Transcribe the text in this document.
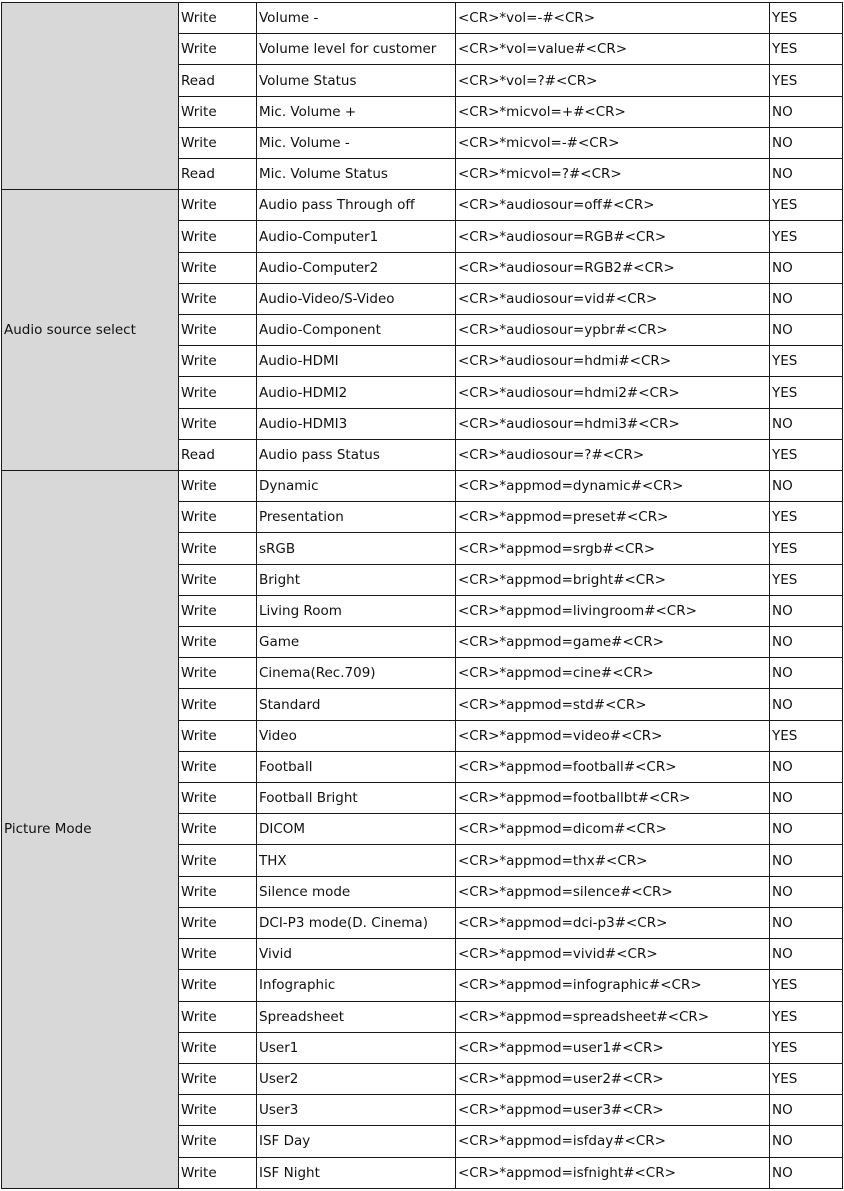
	Write	Volume -	<CR>*vol=-#<CR>	YES
	Write	Volume level for customer	<CR>*vol=value#<CR>	YES
	Read	Volume Status	<CR>*vol=?#<CR>	YES
	Write	Mic. Volume +	<CR>*micvol=+#<CR>	NO
	Write	Mic. Volume -	<CR>*micvol=-#<CR>	NO
	Read	Mic. Volume Status	<CR>*micvol=?#<CR>	NO
Audio source select	Write	Audio pass Through off	<CR>*audiosour=off#<CR>	YES
	Write	Audio-Computer1	<CR>*audiosour=RGB#<CR>	YES
	Write	Audio-Computer2	<CR>*audiosour=RGB2#<CR>	NO
	Write	Audio-Video/S-Video	<CR>*audiosour=vid#<CR>	NO
	Write	Audio-Component	<CR>*audiosour=ypbr#<CR>	NO
	Write	Audio-HDMI	<CR>*audiosour=hdmi#<CR>	YES
	Write	Audio-HDMI2	<CR>*audiosour=hdmi2#<CR>	YES
	Write	Audio-HDMI3	<CR>*audiosour=hdmi3#<CR>	NO
	Read	Audio pass Status	<CR>*audiosour=?#<CR>	YES
Picture Mode	Write	Dynamic	<CR>*appmod=dynamic#<CR>	NO
	Write	Presentation	<CR>*appmod=preset#<CR>	YES
	Write	sRGB	<CR>*appmod=srgb#<CR>	YES
	Write	Bright	<CR>*appmod=bright#<CR>	YES
	Write	Living Room	<CR>*appmod=livingroom#<CR>	NO
	Write	Game	<CR>*appmod=game#<CR>	NO
	Write	Cinema(Rec.709)	<CR>*appmod=cine#<CR>	NO
	Write	Standard	<CR>*appmod=std#<CR>	NO
	Write	Video	<CR>*appmod=video#<CR>	YES
	Write	Football	<CR>*appmod=football#<CR>	NO
	Write	Football Bright	<CR>*appmod=footballbt#<CR>	NO
	Write	DICOM	<CR>*appmod=dicom#<CR>	NO
	Write	THX	<CR>*appmod=thx#<CR>	NO
	Write	Silence mode	<CR>*appmod=silence#<CR>	NO
	Write	DCI-P3 mode(D. Cinema)	<CR>*appmod=dci-p3#<CR>	NO
	Write	Vivid	<CR>*appmod=vivid#<CR>	NO
	Write	Infographic	<CR>*appmod=infographic#<CR>	YES
	Write	Spreadsheet	<CR>*appmod=spreadsheet#<CR>	YES
	Write	User1	<CR>*appmod=user1#<CR>	YES
	Write	User2	<CR>*appmod=user2#<CR>	YES
	Write	User3	<CR>*appmod=user3#<CR>	NO
	Write	ISF Day	<CR>*appmod=isfday#<CR>	NO
	Write	ISF Night	<CR>*appmod=isfnight#<CR>	NO
